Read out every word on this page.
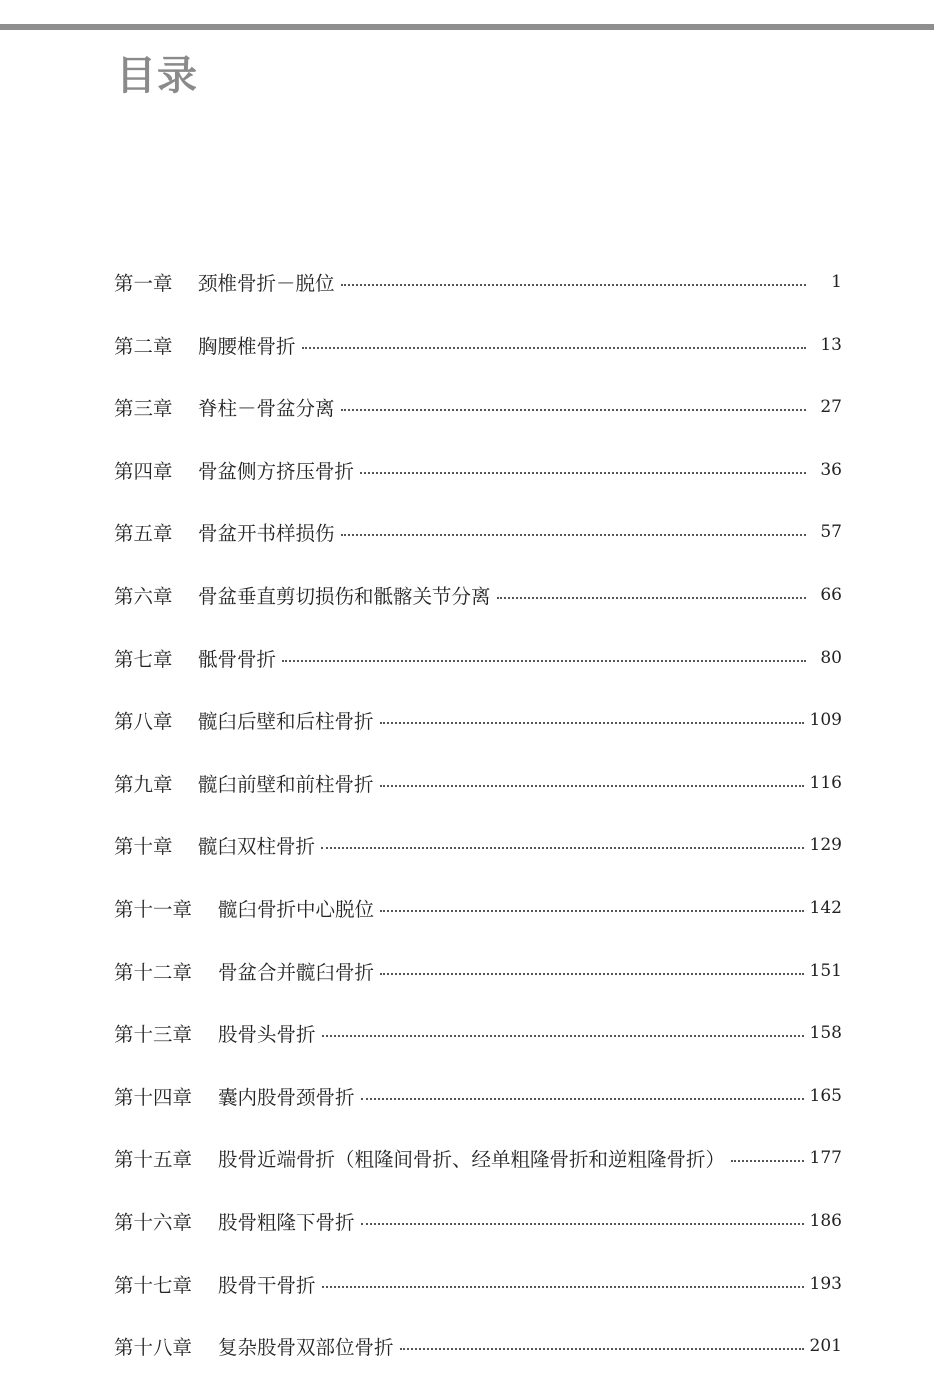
目录
第一章	颈椎骨折－脱位	1
第二章	胸腰椎骨折	13
第三章	脊柱－骨盆分离	27
第四章	骨盆侧方挤压骨折	36
第五章	骨盆开书样损伤	57
第六章	骨盆垂直剪切损伤和骶髂关节分离	66
第七章	骶骨骨折	80
第八章	髋臼后壁和后柱骨折	109
第九章	髋臼前壁和前柱骨折	116
第十章	髋臼双柱骨折	129
第十一章	髋臼骨折中心脱位	142
第十二章	骨盆合并髋臼骨折	151
第十三章	股骨头骨折	158
第十四章	囊内股骨颈骨折	165
第十五章	股骨近端骨折（粗隆间骨折、经单粗隆骨折和逆粗隆骨折）	177
第十六章	股骨粗隆下骨折	186
第十七章	股骨干骨折	193
第十八章	复杂股骨双部位骨折	201
